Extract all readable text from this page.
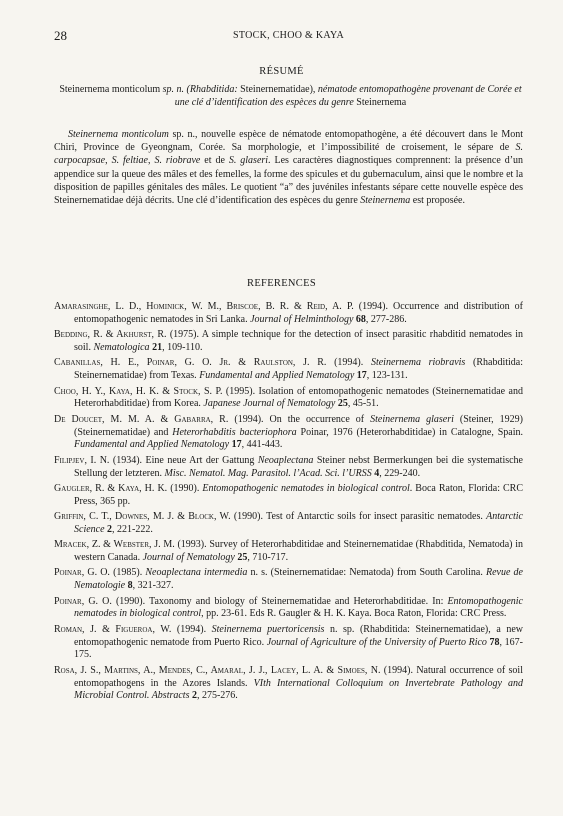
28	STOCK, CHOO & KAYA
RÉSUMÉ
Steinernema monticolum sp. n. (Rhabditida: Steinernematidae), nématode entomopathogène provenant de Corée et une clé d’identification des espèces du genre Steinernema
Steinernema monticolum sp. n., nouvelle espèce de nématode entomopathogène, a été découvert dans le Mont Chiri, Province de Gyeongnam, Corée. Sa morphologie, et l’impossibilité de croisement, le sépare de S. carpocapsae, S. feltiae, S. riobrave et de S. glaseri. Les caractères diagnostiques comprennent: la présence d’un appendice sur la queue des mâles et des femelles, la forme des spicules et du gubernaculum, ainsi que le nombre et la disposition de papilles génitales des mâles. Le quotient “a” des juvéniles infestants sépare cette nouvelle espèce des Steinernematidae déjà décrits. Une clé d’identification des espèces du genre Steinernema est proposée.
REFERENCES
Amarasinghe, L. D., Hominick, W. M., Briscoe, B. R. & Reid, A. P. (1994). Occurrence and distribution of entomopathogenic nematodes in Sri Lanka. Journal of Helminthology 68, 277-286.
Bedding, R. & Akhurst, R. (1975). A simple technique for the detection of insect parasitic rhabditid nematodes in soil. Nematologica 21, 109-110.
Cabanillas, H. E., Poinar, G. O. Jr. & Raulston, J. R. (1994). Steinernema riobravis (Rhabditida: Steinernematidae) from Texas. Fundamental and Applied Nematology 17, 123-131.
Choo, H. Y., Kaya, H. K. & Stock, S. P. (1995). Isolation of entomopathogenic nematodes (Steinernematidae and Heterorhabditidae) from Korea. Japanese Journal of Nematology 25, 45-51.
De Doucet, M. M. A. & Gabarra, R. (1994). On the occurrence of Steinernema glaseri (Steiner, 1929) (Steinernematidae) and Heterorhabditis bacteriophora Poinar, 1976 (Heterorhabditidae) in Catalogne, Spain. Fundamental and Applied Nematology 17, 441-443.
Filipjev, I. N. (1934). Eine neue Art der Gattung Neoaplectana Steiner nebst Bermerkungen bei die systematische Stellung der letzteren. Misc. Nematol. Mag. Parasitol. l’Acad. Sci. l’URSS 4, 229-240.
Gaugler, R. & Kaya, H. K. (1990). Entomopathogenic nematodes in biological control. Boca Raton, Florida: CRC Press, 365 pp.
Griffin, C. T., Downes, M. J. & Block, W. (1990). Test of Antarctic soils for insect parasitic nematodes. Antarctic Science 2, 221-222.
Mracek, Z. & Webster, J. M. (1993). Survey of Heterorhabditidae and Steinernematidae (Rhabditida, Nematoda) in western Canada. Journal of Nematology 25, 710-717.
Poinar, G. O. (1985). Neoaplectana intermedia n. s. (Steinernematidae: Nematoda) from South Carolina. Revue de Nematologie 8, 321-327.
Poinar, G. O. (1990). Taxonomy and biology of Steinernematidae and Heterorhabditidae. In: Entomopathogenic nematodes in biological control, pp. 23-61. Eds R. Gaugler & H. K. Kaya. Boca Raton, Florida: CRC Press.
Roman, J. & Figueroa, W. (1994). Steinernema puertoricensis n. sp. (Rhabditida: Steinernematidae), a new entomopathogenic nematode from Puerto Rico. Journal of Agriculture of the University of Puerto Rico 78, 167-175.
Rosa, J. S., Martins, A., Mendes, C., Amaral, J. J., Lacey, L. A. & Simoes, N. (1994). Natural occurrence of soil entomopathogens in the Azores Islands. VIth International Colloquium on Invertebrate Pathology and Microbial Control. Abstracts 2, 275-276.
